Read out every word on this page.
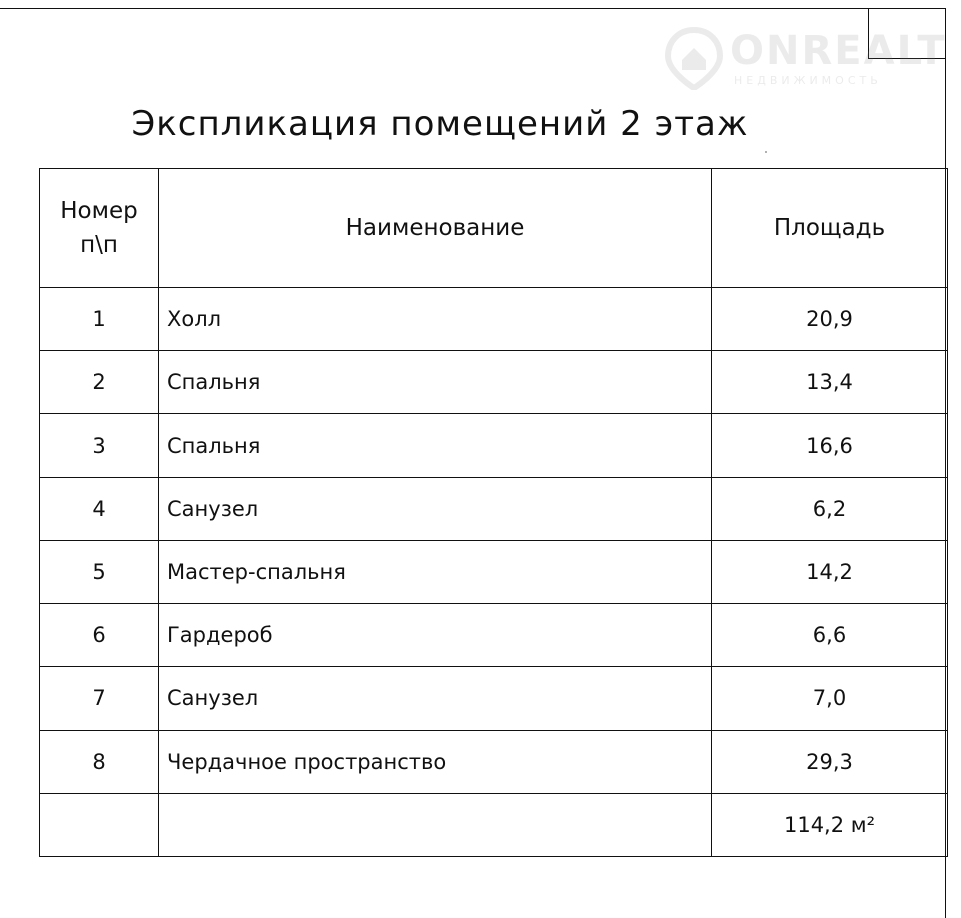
ONREALT
НЕДВИЖИМОСТЬ
Экспликация помещений 2 этаж
Номер
п\п	Наименование	Площадь
1	Холл	20,9
2	Спальня	13,4
3	Спальня	16,6
4	Санузел	6,2
5	Мастер-спальня	14,2
6	Гардероб	6,6
7	Санузел	7,0
8	Чердачное пространство	29,3
		114,2 м²
